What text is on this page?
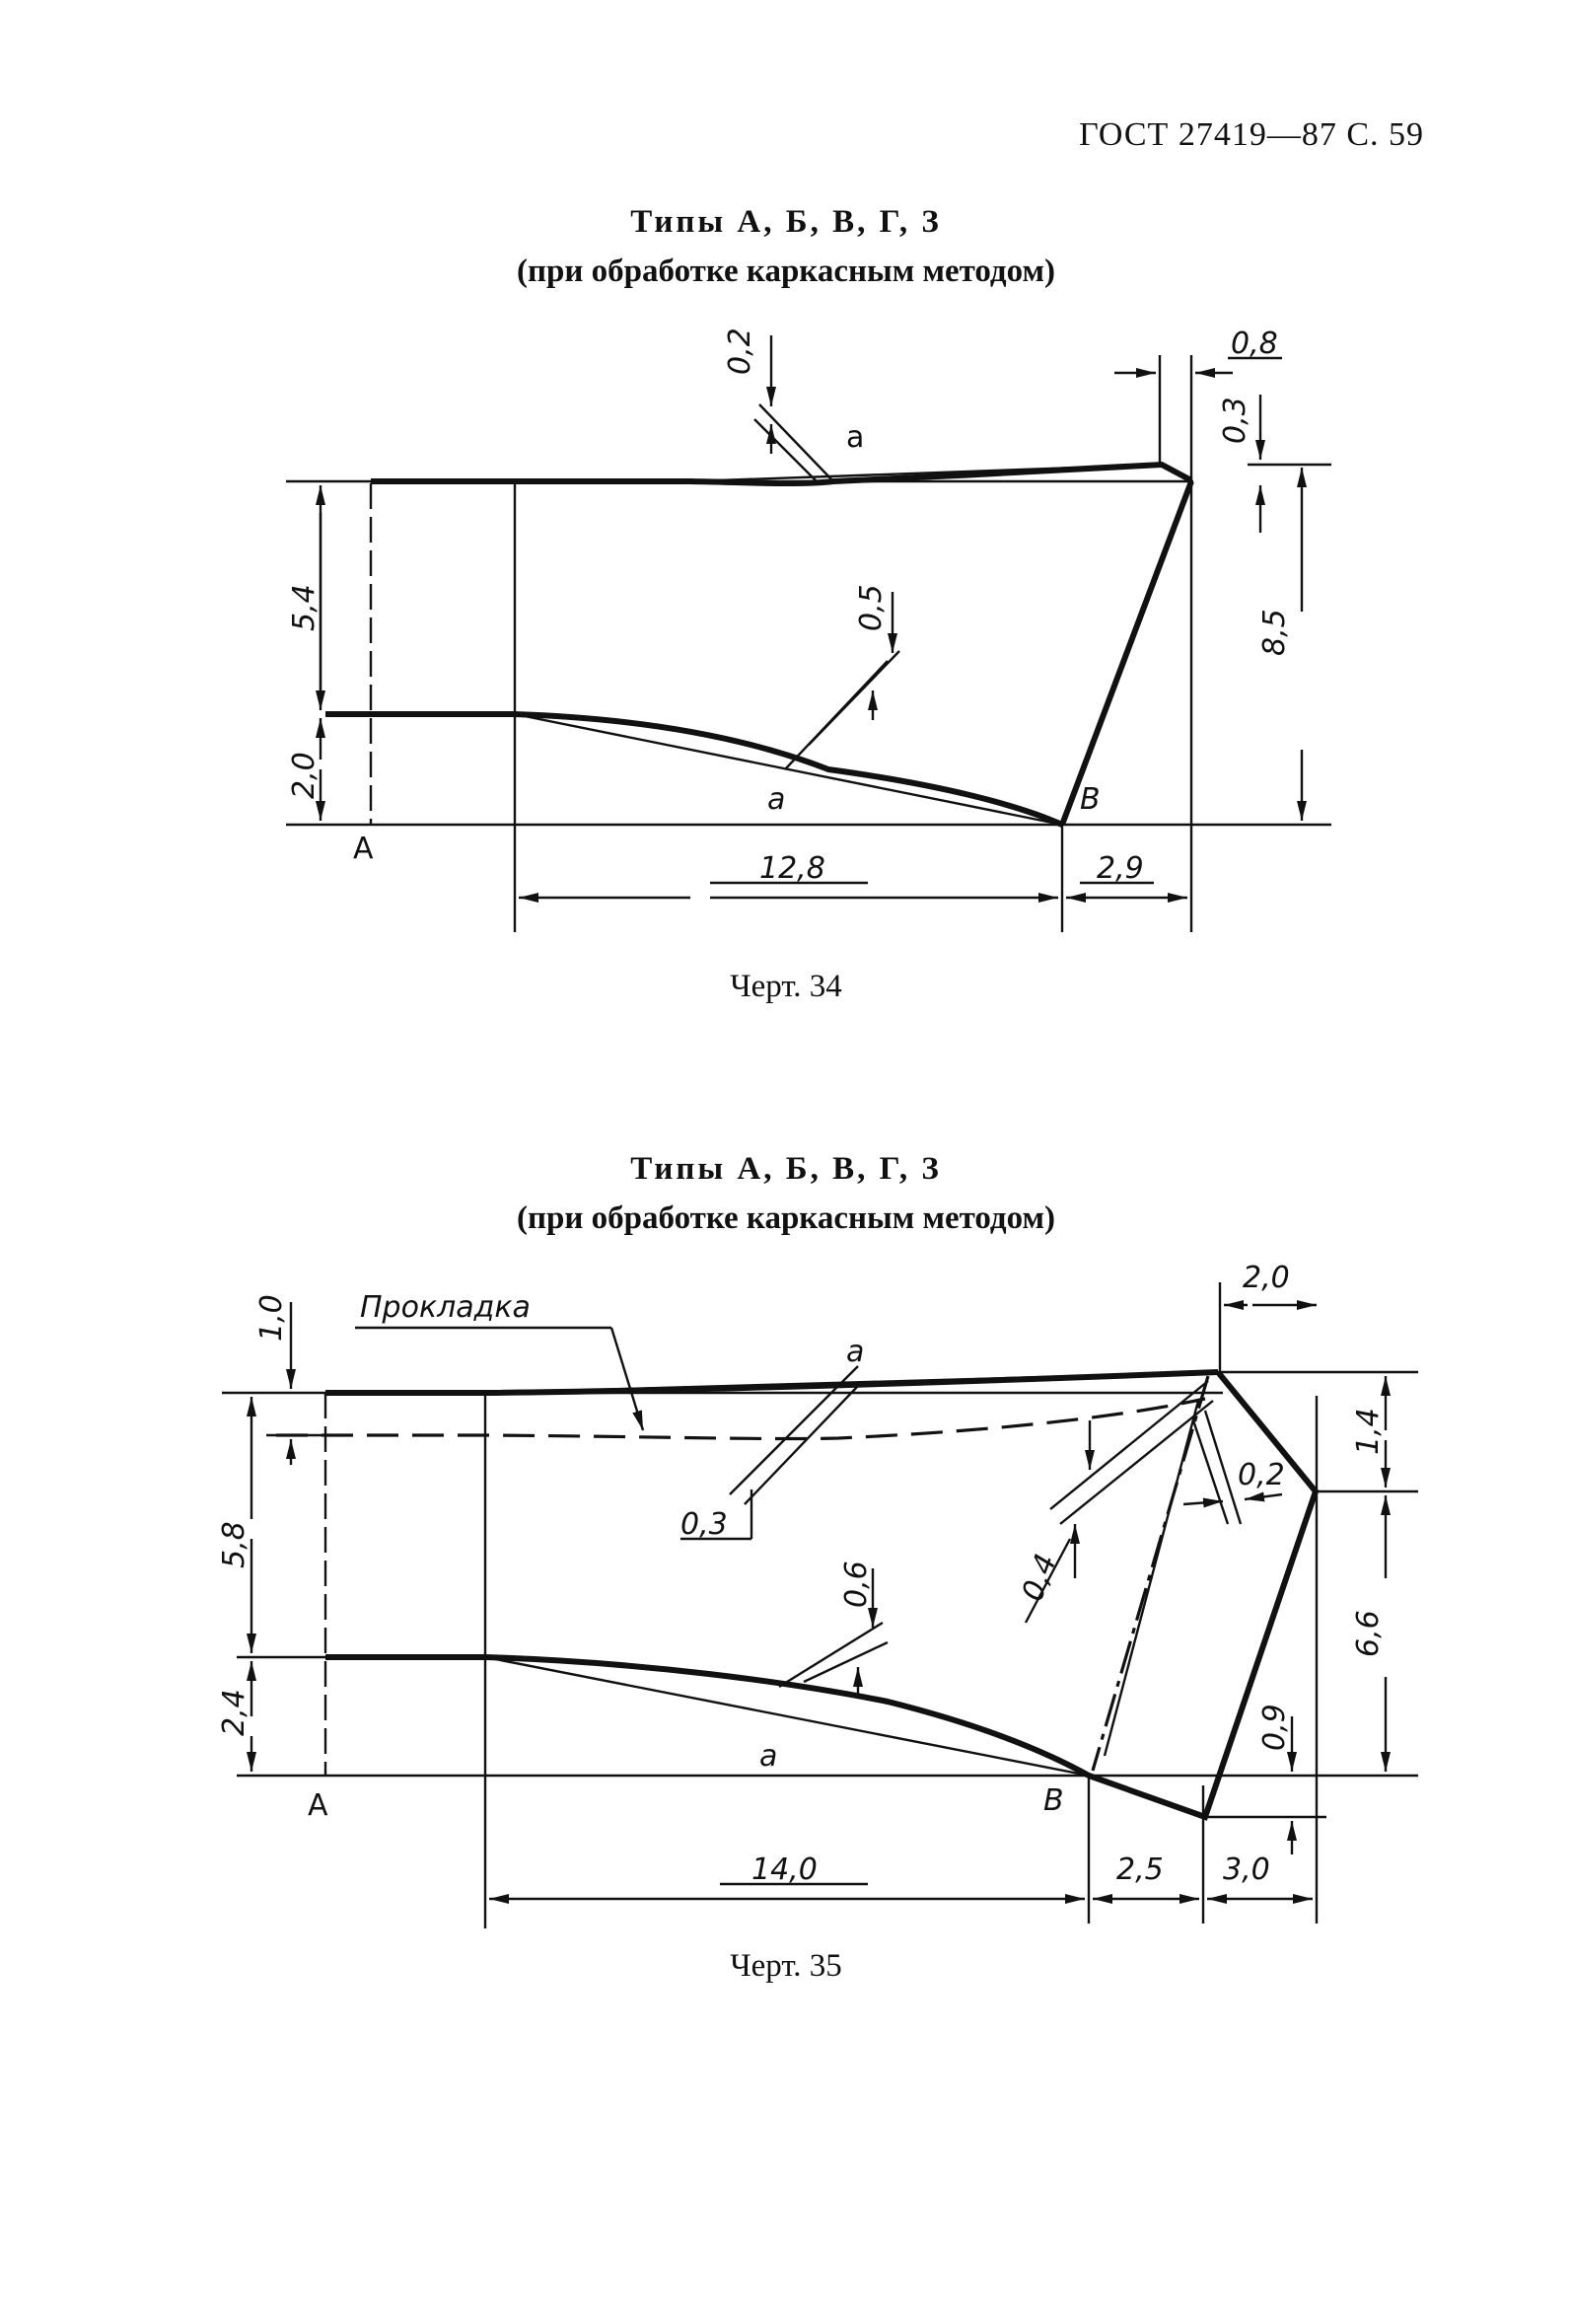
ГОСТ 27419—87 С. 59
Типы А, Б, В, Г, З
(при обработке каркасным методом)
Типы А, Б, В, Г, З
(при обработке каркасным методом)
Черт. 34
Черт. 35
0,2
а
0,8
0,3
5,4
2,0
0,5
а	В
А
8,5
12,8	2,9
Прокладка
а
0,3
1,0
5,8
2,4
0,6
а
В
А
0,4
2,0
0,2
1,4
6,6
0,9
14,0	2,5 3,0
